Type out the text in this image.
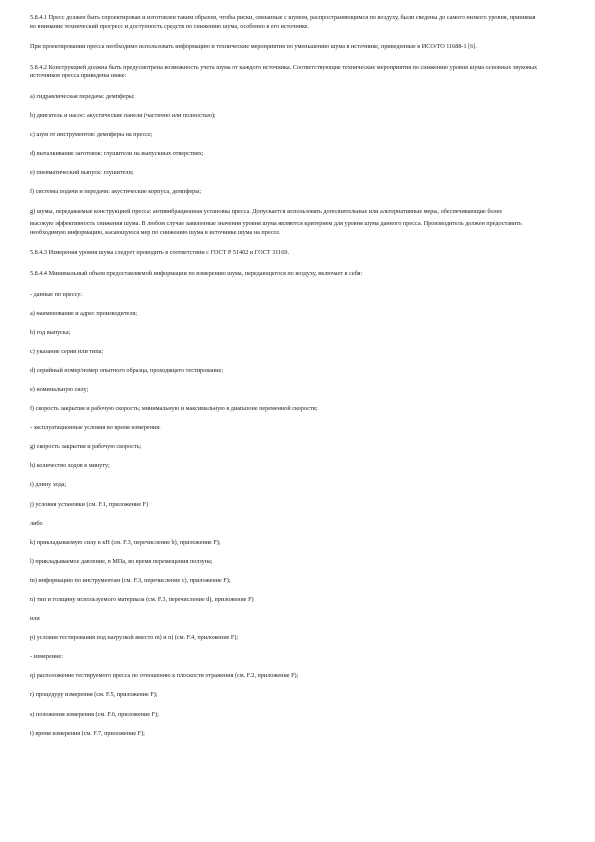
5.8.4.1 Пресс должен быть спроектирован и изготовлен таким образом, чтобы риски, связанные с шумом, распространяющимся по воздуху, были сведены до самого низкого уровня, принимая во внимание технический прогресс и доступность средств по снижению шума, особенно в его источнике.

При проектировании пресса необходимо использовать информацию и технические мероприятия по уменьшению шума в источнике, приведенные в ИСО/ТО 11688-1 [6].

5.8.4.2 Конструкцией должна быть предусмотрена возможность учета шума от каждого источника. Соответствующие технические мероприятия по снижению уровня шума основных звуковых источников пресса приведены ниже:

a) гидравлическая передача: демпферы;

b) двигатель и насос: акустические панели (частично или полностью);

c) шум от инструментов: демпферы на прессе;

d) выталкивание заготовок: глушители на выпускных отверстиях;

e) пневматический выпуск: глушители;

f) системы подачи и передачи: акустические корпуса, демпферы;

g) шумы, передаваемые конструкцией пресса: антивибрационная установка пресса. Допускается использовать дополнительные или альтернативные меры, обеспечивающие более

высокую эффективность снижения шума. В любом случае заявленные значения уровня шума являются критерием для уровня шума данного пресса. Производитель должен предоставить необходимую информацию, касающуюся мер по снижению шума в источнике шума на прессе.

5.8.4.3 Измерения уровня шума следует проводить в соответствии с ГОСТ Р 51402 и ГОСТ 31169.

5.8.4.4 Минимальный объем предоставляемой информации по измерению шума, передающегося по воздуху, включает в себя:

- данные по прессу:

a) наименование и адрес производителя;

b) год выпуска;

c) указание серии или типа;

d) серийный номер/номер опытного образца, проходящего тестирование;

e) номинальную силу;

f) скорость закрытия и рабочую скорость; минимальную и максимальную в диапазоне переменной скорости;

- эксплуатационные условия во время измерения:

g) скорость закрытия и рабочую скорость;

h) количество ходов в минуту;

i) длину хода;

j) условия установки (см. F.1, приложение F)

либо

k) прикладываемую силу в кН (см. F.3, перечисление b), приложение F);

l) прикладываемое давление, в МПа, во время перемещения ползуна;

m) информацию по инструментам (см. F.3, перечисление c), приложение F);

n) тип и толщину используемого материала (см. F.3, перечисление d), приложение F)

или

p) условия тестирования под нагрузкой вместо m) и n) (см. F.4, приложение F);

- измерение:

q) расположение тестируемого пресса по отношению к плоскости отражения (см. F.2, приложение F);

r) процедуру измерения (см. F.5, приложение F);

s) положения измерения (см. F.6, приложение F);

t) время измерения (см. F.7, приложение F);
